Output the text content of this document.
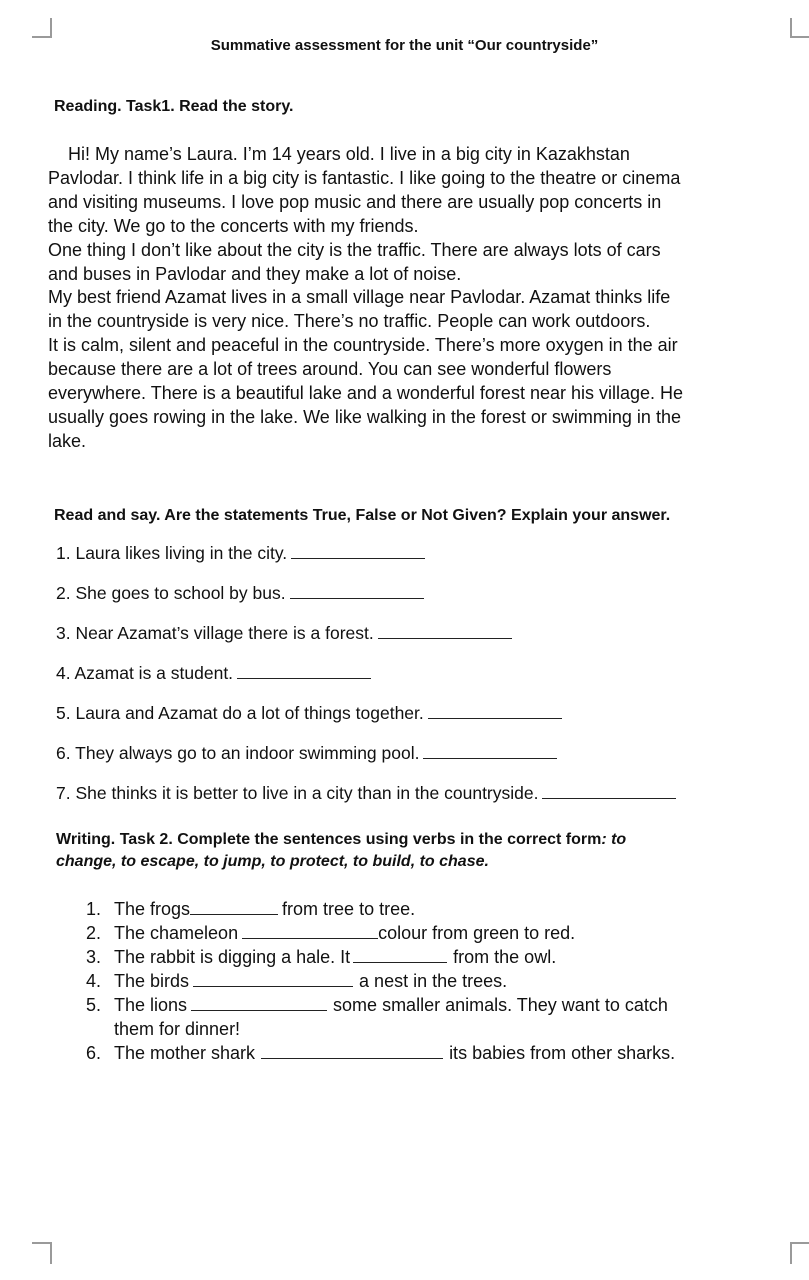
Summative assessment for the unit “Our countryside”
Reading. Task1. Read the story.
Hi! My name’s Laura. I’m 14 years old. I live in a big city in Kazakhstan
Pavlodar. I think life in a big city is fantastic. I like going to the theatre or cinema
and visiting museums. I love pop music and there are usually pop concerts in
the city. We go to the concerts with my friends.
One thing I don’t like about the city is the traffic. There are always lots of cars
and buses in Pavlodar and they make a lot of noise.
My best friend Azamat lives in a small village near Pavlodar. Azamat thinks life
in the countryside is very nice. There’s no traffic. People can work outdoors.
It is calm, silent and peaceful in the countryside. There’s more oxygen in the air
because there are a lot of trees around. You can see wonderful flowers
everywhere. There is a beautiful lake and a wonderful forest near his village. He
usually goes rowing in the lake. We like walking in the forest or swimming in the
lake.
Read and say. Are the statements True, False or Not Given? Explain your answer.
1. Laura likes living in the city.
2. She goes to school by bus.
3. Near Azamat’s village there is a forest.
4. Azamat is a student.
5. Laura and Azamat do a lot of things together.
6. They always go to an indoor swimming pool.
7. She thinks it is better to live in a city than in the countryside.
Writing. Task 2. Complete the sentences using verbs in the correct form: to
change, to escape, to jump, to protect, to build, to chase.
1. The frogs	from tree to tree.
2. The chameleon	colour from green to red.
3. The rabbit is digging a hale. It	from the owl.
4. The birds	a nest in the trees.
5. The lions	some smaller animals. They want to catch
them for dinner!
6. The mother shark	its babies from other sharks.
